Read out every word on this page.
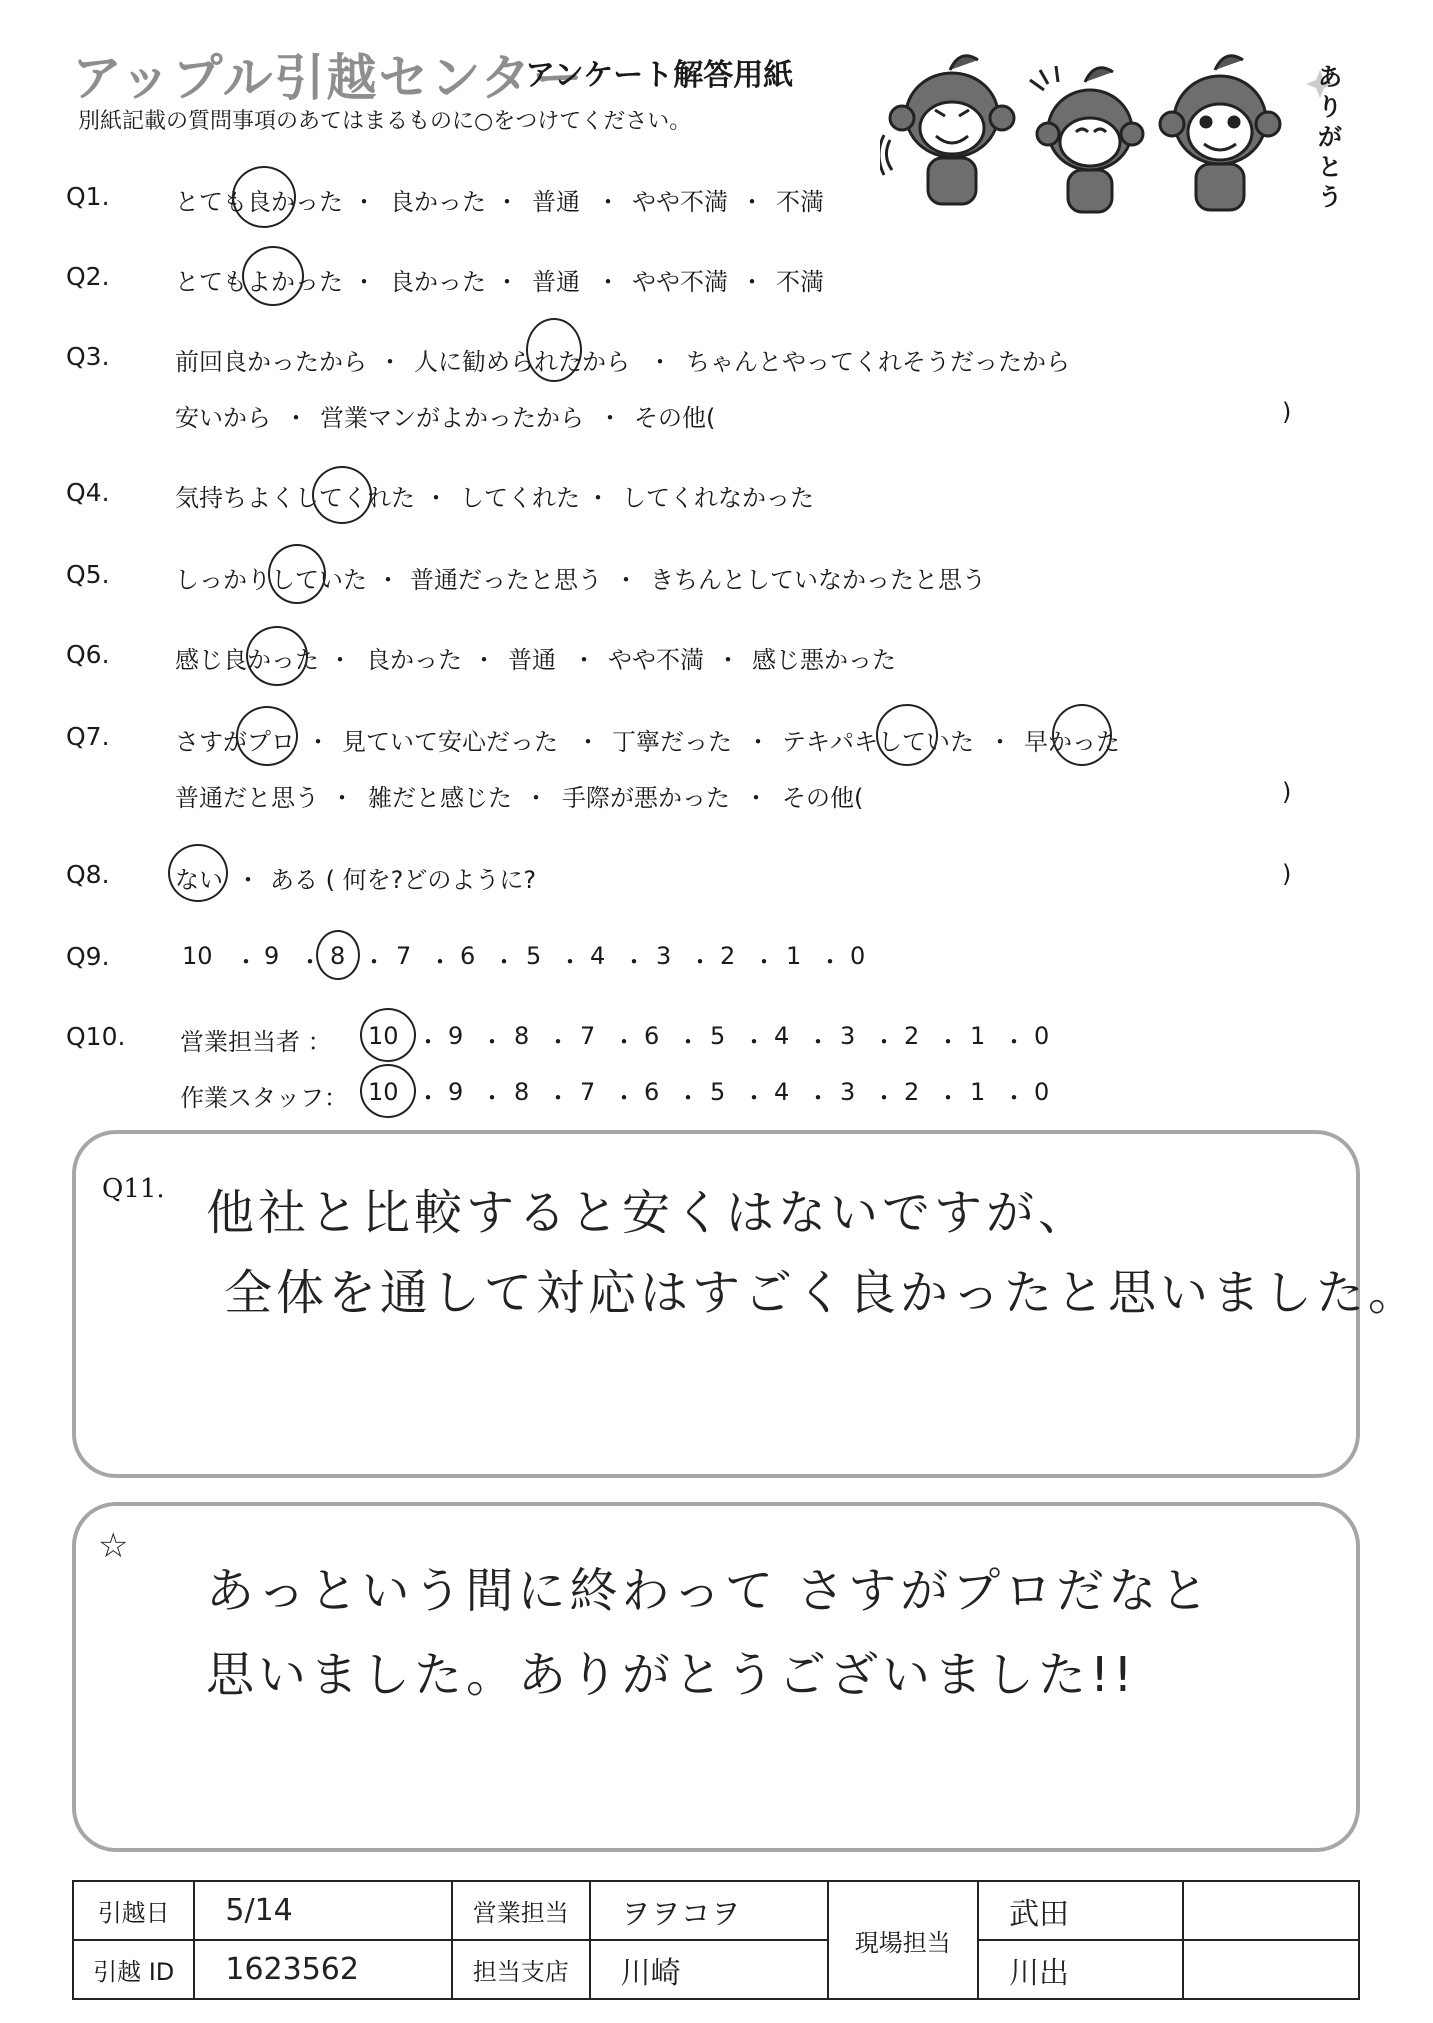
アップル引越センター
アンケート解答用紙
別紙記載の質問事項のあてはまるものに○をつけてください。
ありがとう
Q1.	とても良かった ・ 良かった ・ 普通 ・ やや不満 ・ 不満
Q2.	とてもよかった ・ 良かった ・ 普通 ・ やや不満 ・ 不満
Q3.	前回良かったから ・ 人に勧められたから ・ ちゃんとやってくれそうだったから
安いから ・ 営業マンがよかったから ・ その他(	)
Q4.	気持ちよくしてくれた ・ してくれた ・ してくれなかった
Q5.	しっかりしていた ・ 普通だったと思う ・ きちんとしていなかったと思う
Q6.	感じ良かった ・ 良かった ・ 普通 ・ やや不満 ・ 感じ悪かった
Q7.	さすがプロ ・ 見ていて安心だった ・ 丁寧だった ・ テキパキしていた ・ 早かった
普通だと思う ・ 雑だと感じた ・ 手際が悪かった ・ その他(	)
Q8.	ない ・ ある ( 何を?どのように?	)
Q9.	10 ・ 9 ・ 8 ・ 7 ・ 6 ・ 5 ・ 4 ・ 3 ・ 2 ・ 1 ・ 0
Q10. 営業担当者 ： 10 ・ 9 ・ 8 ・ 7 ・ 6 ・ 5 ・ 4 ・ 3 ・ 2 ・ 1 ・ 0
作業スタッフ： 10 ・ 9 ・ 8 ・ 7 ・ 6 ・ 5 ・ 4 ・ 3 ・ 2 ・ 1 ・ 0
Q11. 他社と比較すると安くはないですが、
全体を通して対応はすごく良かったと思いました。
☆
あっという間に終わって さすがプロだなと
思いました。ありがとうございました!!
引越日	5/14	営業担当	ヲヲコヲ	現場担当	武田	
引越 ID	1623562	担当支店	川崎		川出	
